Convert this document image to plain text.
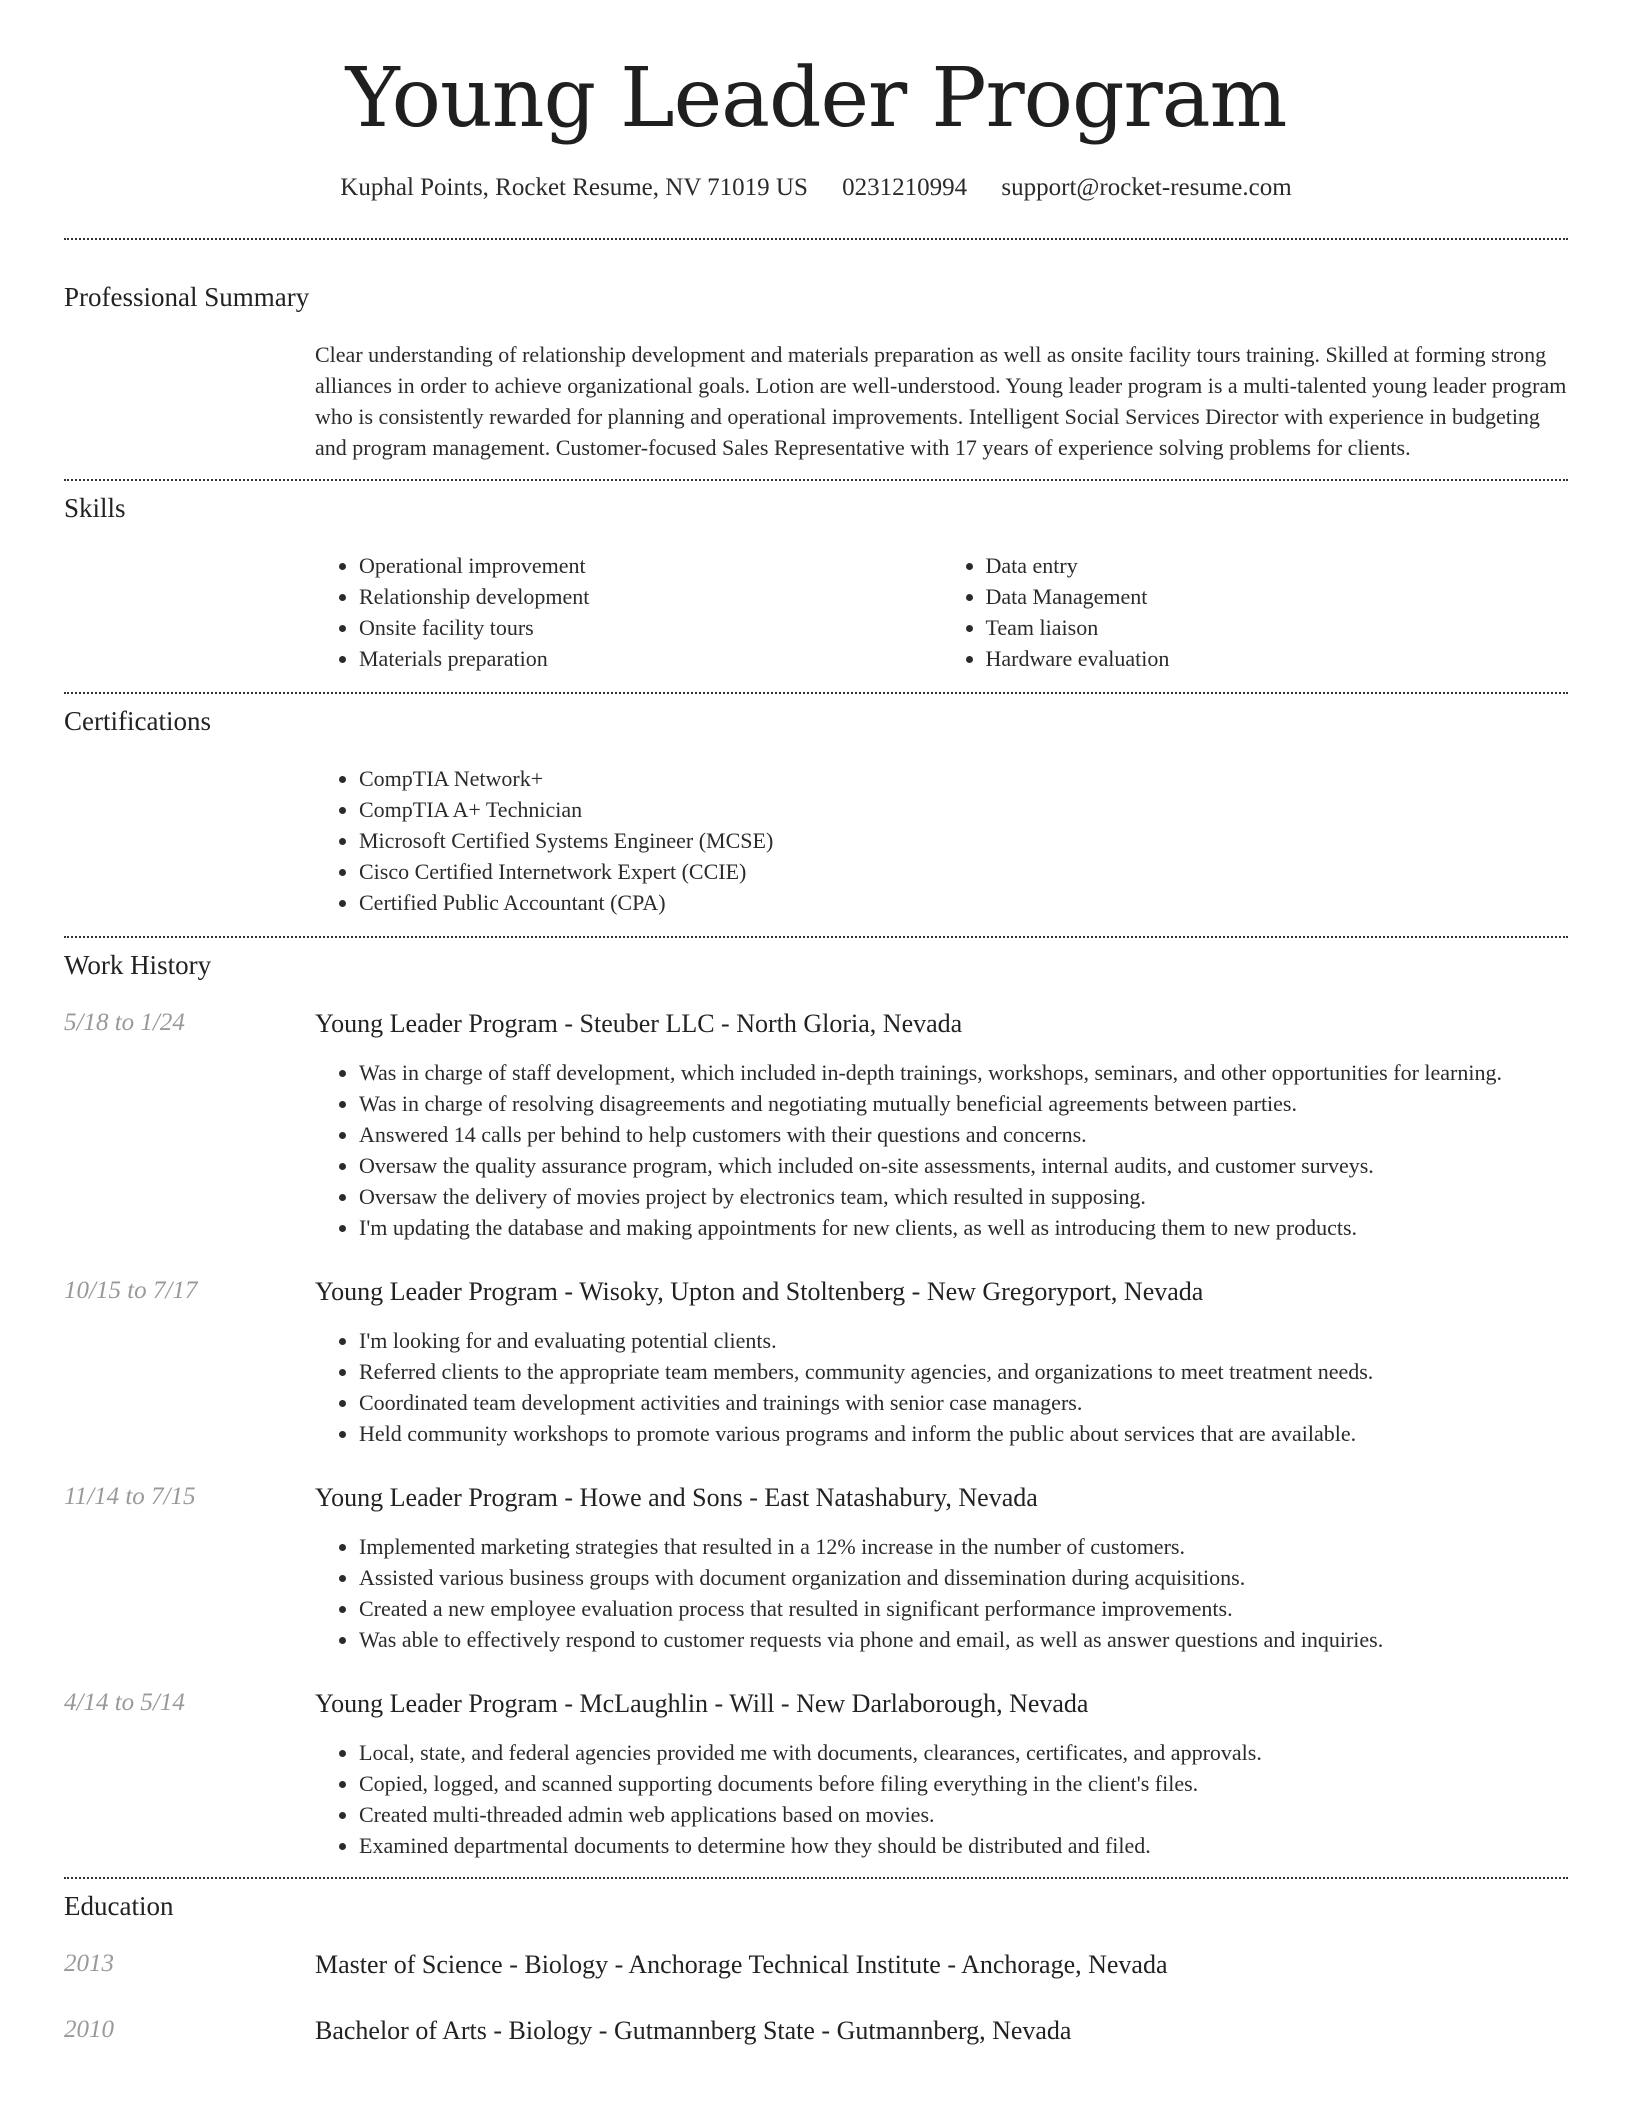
Young Leader Program
Kuphal Points, Rocket Resume, NV 71019 US 0231210994 support@rocket-resume.com
Professional Summary
Clear understanding of relationship development and materials preparation as well as onsite facility tours training. Skilled at forming strong alliances in order to achieve organizational goals. Lotion are well-understood. Young leader program is a multi-talented young leader program who is consistently rewarded for planning and operational improvements. Intelligent Social Services Director with experience in budgeting and program management. Customer-focused Sales Representative with 17 years of experience solving problems for clients.
Skills
• Operational improvement
• Relationship development
• Onsite facility tours
• Materials preparation
• Data entry
• Data Management
• Team liaison
• Hardware evaluation
Certifications
• CompTIA Network+
• CompTIA A+ Technician
• Microsoft Certified Systems Engineer (MCSE)
• Cisco Certified Internetwork Expert (CCIE)
• Certified Public Accountant (CPA)
Work History
5/18 to 1/24	Young Leader Program - Steuber LLC - North Gloria, Nevada
• Was in charge of staff development, which included in-depth trainings, workshops, seminars, and other opportunities for learning.
• Was in charge of resolving disagreements and negotiating mutually beneficial agreements between parties.
• Answered 14 calls per behind to help customers with their questions and concerns.
• Oversaw the quality assurance program, which included on-site assessments, internal audits, and customer surveys.
• Oversaw the delivery of movies project by electronics team, which resulted in supposing.
• I'm updating the database and making appointments for new clients, as well as introducing them to new products.
10/15 to 7/17	Young Leader Program - Wisoky, Upton and Stoltenberg - New Gregoryport, Nevada
• I'm looking for and evaluating potential clients.
• Referred clients to the appropriate team members, community agencies, and organizations to meet treatment needs.
• Coordinated team development activities and trainings with senior case managers.
• Held community workshops to promote various programs and inform the public about services that are available.
11/14 to 7/15	Young Leader Program - Howe and Sons - East Natashabury, Nevada
• Implemented marketing strategies that resulted in a 12% increase in the number of customers.
• Assisted various business groups with document organization and dissemination during acquisitions.
• Created a new employee evaluation process that resulted in significant performance improvements.
• Was able to effectively respond to customer requests via phone and email, as well as answer questions and inquiries.
4/14 to 5/14	Young Leader Program - McLaughlin - Will - New Darlaborough, Nevada
• Local, state, and federal agencies provided me with documents, clearances, certificates, and approvals.
• Copied, logged, and scanned supporting documents before filing everything in the client's files.
• Created multi-threaded admin web applications based on movies.
• Examined departmental documents to determine how they should be distributed and filed.
Education
2013	Master of Science - Biology - Anchorage Technical Institute - Anchorage, Nevada
2010	Bachelor of Arts - Biology - Gutmannberg State - Gutmannberg, Nevada
